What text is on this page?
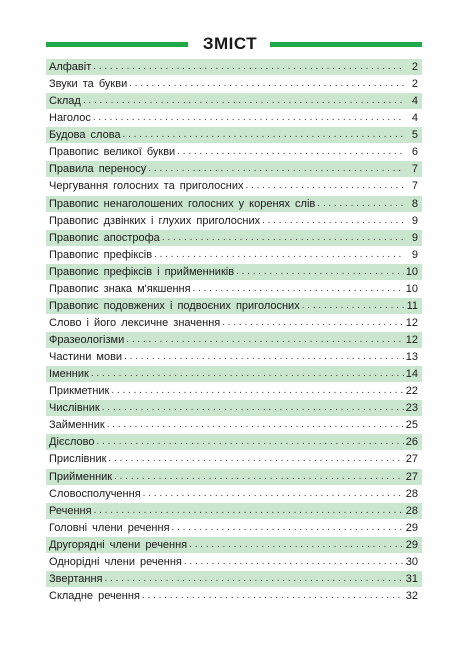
ЗМІСТ
Алфавіт . . .	2
Звуки та букви . . .	2
Склад . . .	4
Наголос . . .	4
Будова слова . . .	5
Правопис великої букви . . .	6
Правила переносу . . .	7
Чергування голосних та приголосних . . .	7
Правопис ненаголошених голосних у коренях слів . . .	8
Правопис дзвінких і глухих приголосних . . .	9
Правопис апострофа . . .	9
Правопис префіксів . . .	9
Правопис префіксів і прийменників . . .	10
Правопис знака м'якшення . . .	10
Правопис подовжених і подвоєних приголосних . . .	11
Слово і його лексичне значення . . .	12
Фразеологізми . . .	12
Частини мови . . .	13
Іменник . . .	14
Прикметник . . .	22
Числівник . . .	23
Займенник . . .	25
Дієслово . . .	26
Прислівник . . .	27
Прийменник . . .	27
Словосполучення . . .	28
Речення . . .	28
Головні члени речення . . .	29
Другорядні члени речення . . .	29
Однорідні члени речення . . .	30
Звертання . . .	31
Складне речення . . .	32
